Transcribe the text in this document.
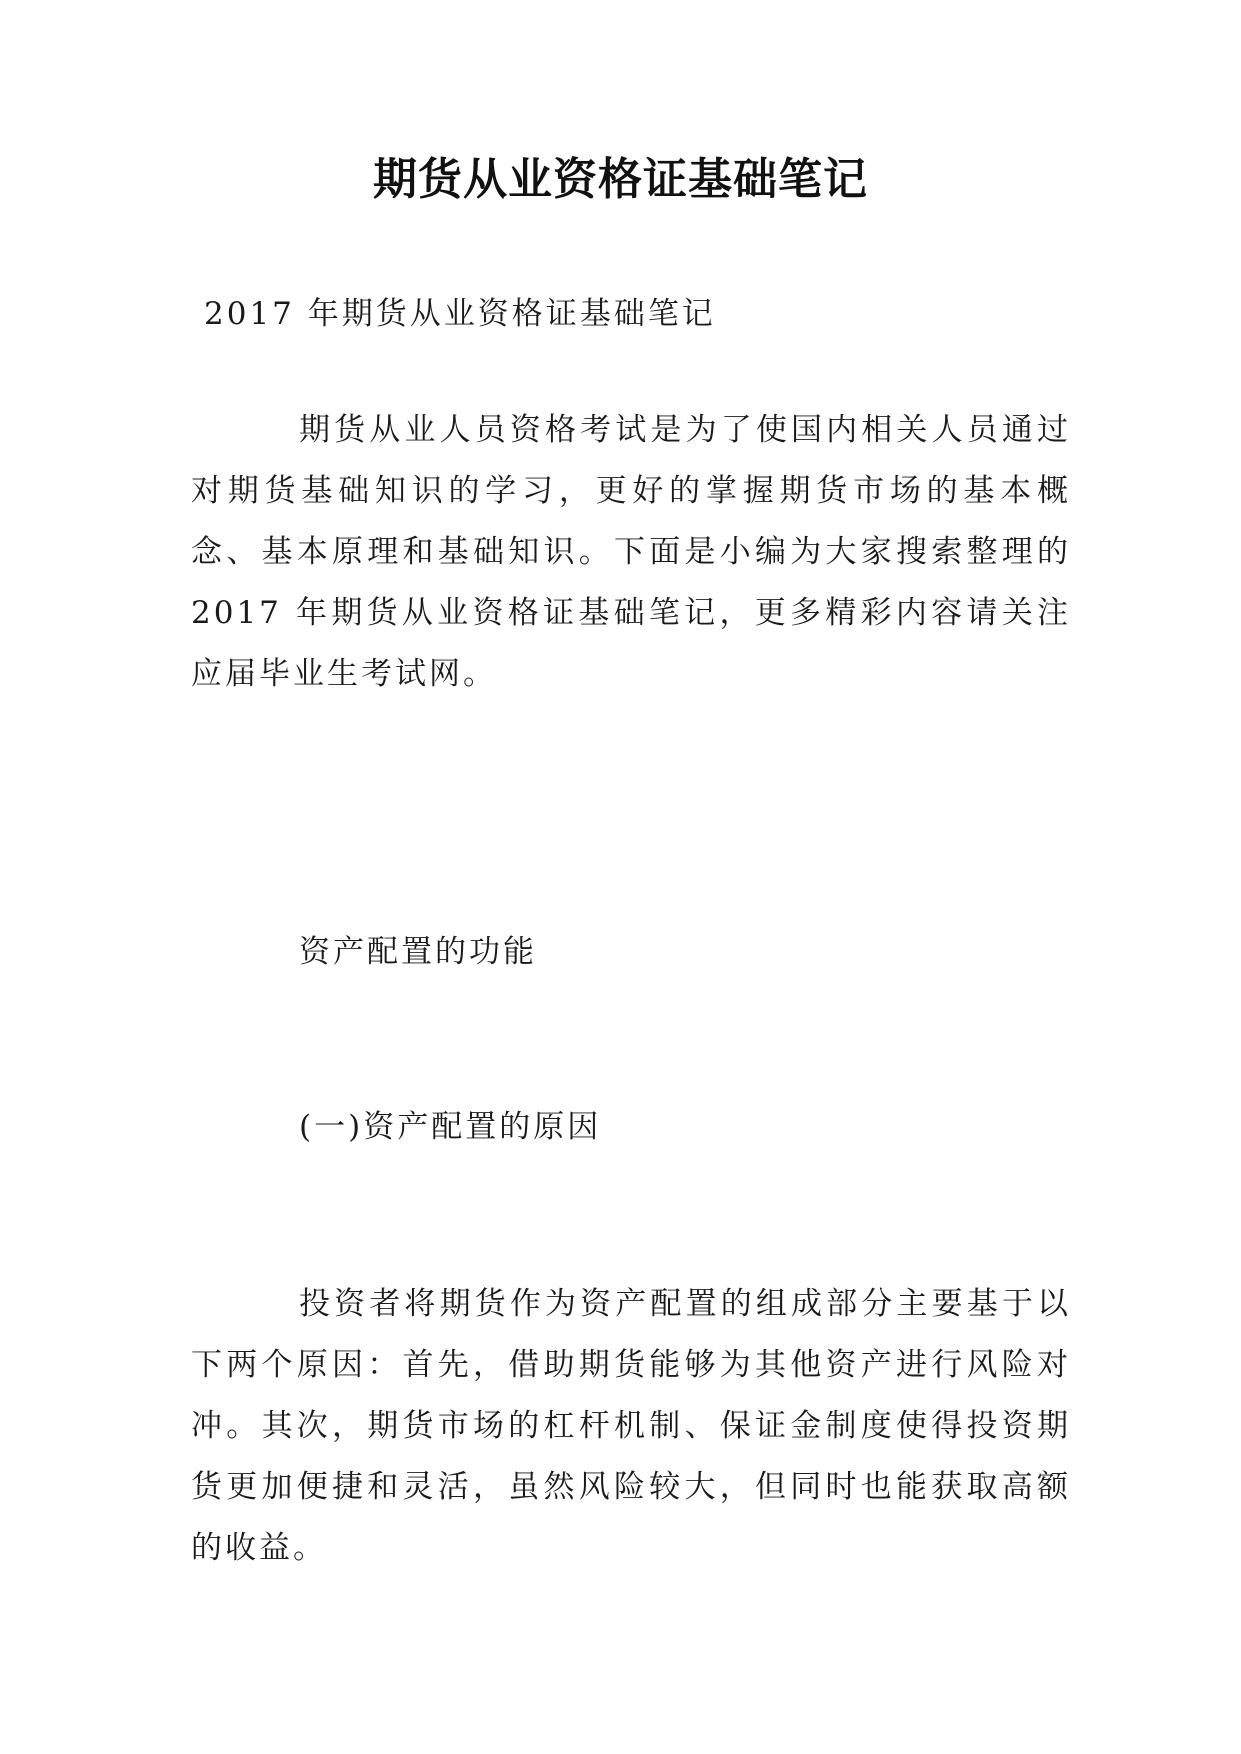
期货从业资格证基础笔记
2017 年期货从业资格证基础笔记

期货从业人员资格考试是为了使国内相关人员通过对期货基础知识的学习，更好的掌握期货市场的基本概念、基本原理和基础知识。下面是小编为大家搜索整理的 2017 年期货从业资格证基础笔记，更多精彩内容请关注应届毕业生考试网。

资产配置的功能

(一)资产配置的原因

投资者将期货作为资产配置的组成部分主要基于以下两个原因：首先，借助期货能够为其他资产进行风险对冲。其次，期货市场的杠杆机制、保证金制度使得投资期货更加便捷和灵活，虽然风险较大，但同时也能获取高额的收益。
